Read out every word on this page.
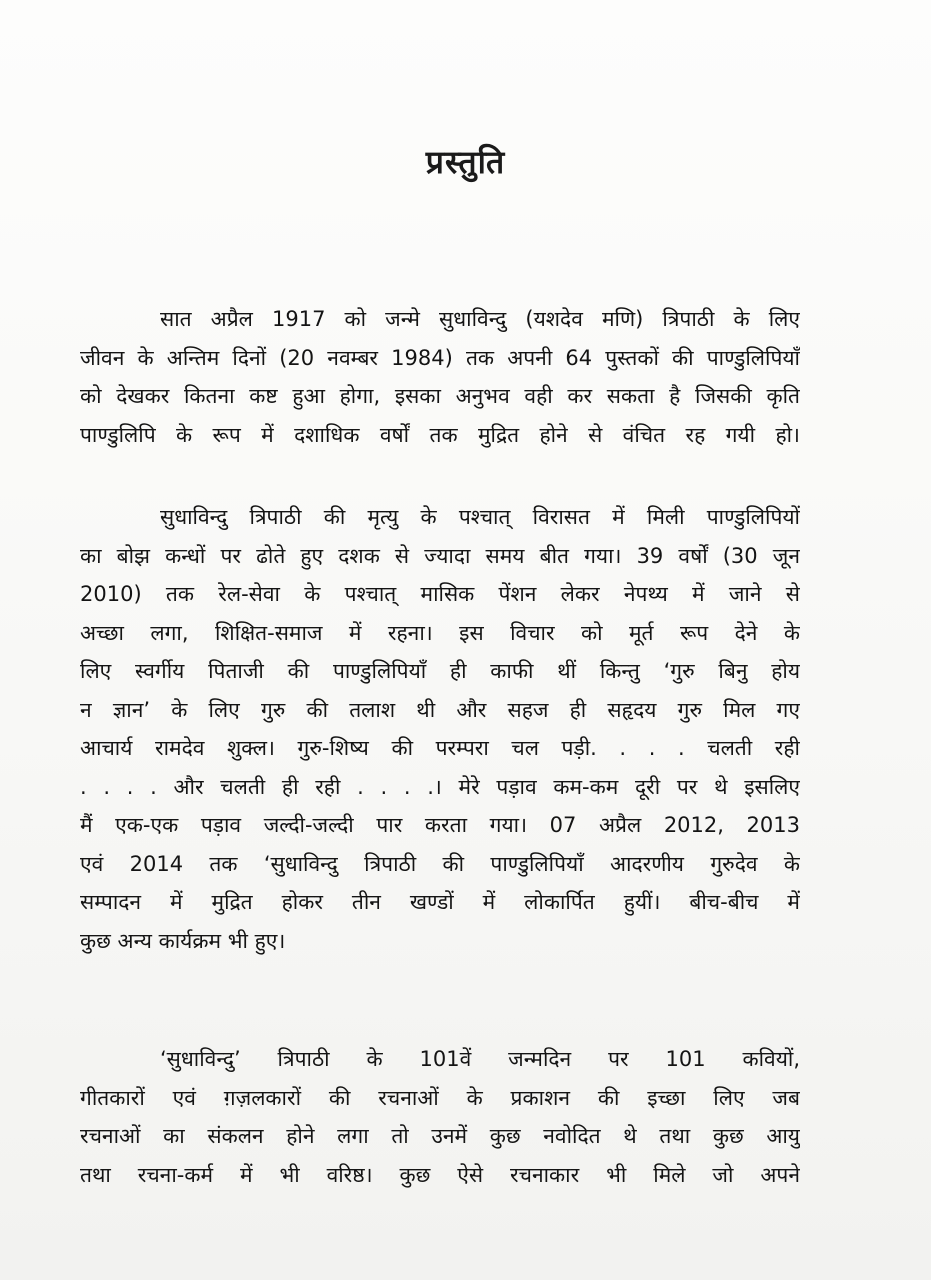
प्रस्तुति
सात अप्रैल 1917 को जन्मे सुधाविन्दु (यशदेव मणि) त्रिपाठी के लिए
जीवन के अन्तिम दिनों (20 नवम्बर 1984) तक अपनी 64 पुस्तकों की पाण्डुलिपियाँ
को देखकर कितना कष्ट हुआ होगा, इसका अनुभव वही कर सकता है जिसकी कृति
पाण्डुलिपि के रूप में दशाधिक वर्षों तक मुद्रित होने से वंचित रह गयी हो।
सुधाविन्दु त्रिपाठी की मृत्यु के पश्चात् विरासत में मिली पाण्डुलिपियों
का बोझ कन्धों पर ढोते हुए दशक से ज्यादा समय बीत गया। 39 वर्षों (30 जून
2010) तक रेल-सेवा के पश्चात् मासिक पेंशन लेकर नेपथ्य में जाने से
अच्छा लगा, शिक्षित-समाज में रहना। इस विचार को मूर्त रूप देने के
लिए स्वर्गीय पिताजी की पाण्डुलिपियाँ ही काफी थीं किन्तु ‘गुरु बिनु होय
न ज्ञान’ के लिए गुरु की तलाश थी और सहज ही सहृदय गुरु मिल गए
आचार्य रामदेव शुक्ल। गुरु-शिष्य की परम्परा चल पड़ी. . . . चलती रही
. . . . और चलती ही रही . . . .। मेरे पड़ाव कम-कम दूरी पर थे इसलिए
मैं एक-एक पड़ाव जल्दी-जल्दी पार करता गया। 07 अप्रैल 2012, 2013
एवं 2014 तक ‘सुधाविन्दु त्रिपाठी की पाण्डुलिपियाँ आदरणीय गुरुदेव के
सम्पादन में मुद्रित होकर तीन खण्डों में लोकार्पित हुयीं। बीच-बीच में
कुछ अन्य कार्यक्रम भी हुए।
‘सुधाविन्दु’ त्रिपाठी के 101वें जन्मदिन पर 101 कवियों,
गीतकारों एवं ग़ज़लकारों की रचनाओं के प्रकाशन की इच्छा लिए जब
रचनाओं का संकलन होने लगा तो उनमें कुछ नवोदित थे तथा कुछ आयु
तथा रचना-कर्म में भी वरिष्ठ। कुछ ऐसे रचनाकार भी मिले जो अपने
